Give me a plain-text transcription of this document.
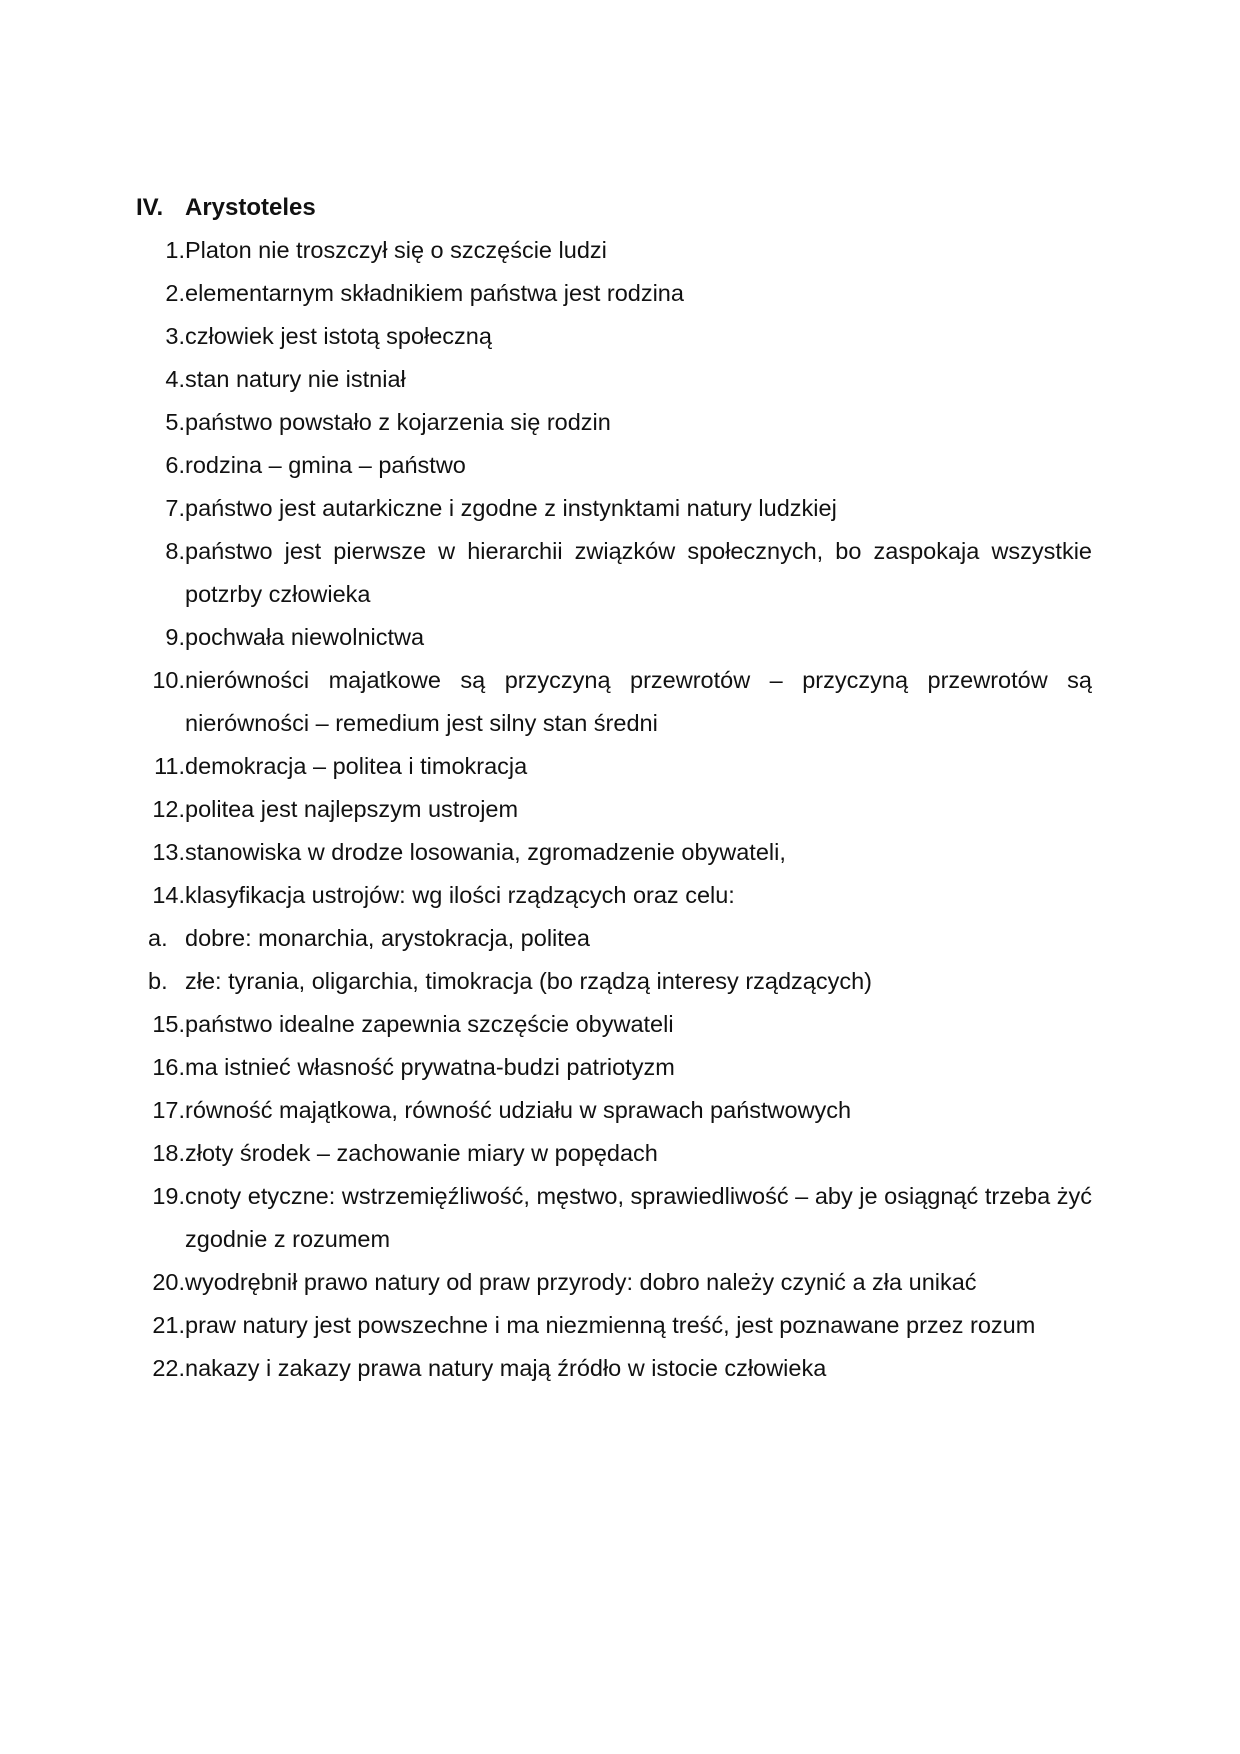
IV. Arystoteles
1. Platon nie troszczył się o szczęście ludzi
2. elementarnym składnikiem państwa jest rodzina
3. człowiek jest istotą społeczną
4. stan natury nie istniał
5. państwo powstało z kojarzenia się rodzin
6. rodzina – gmina – państwo
7. państwo jest autarkiczne i zgodne z instynktami natury ludzkiej
8. państwo jest pierwsze w hierarchii związków społecznych, bo zaspokaja wszystkie potzrby człowieka
9. pochwała niewolnictwa
10. nierówności majatkowe są przyczyną przewrotów – przyczyną przewrotów są nierówności – remedium jest silny stan średni
11. demokracja – politea i timokracja
12. politea jest najlepszym ustrojem
13. stanowiska w drodze losowania, zgromadzenie obywateli,
14. klasyfikacja ustrojów: wg ilości rządzących oraz celu:
a. dobre: monarchia, arystokracja, politea
b. złe: tyrania, oligarchia, timokracja (bo rządzą interesy rządzących)
15. państwo idealne zapewnia szczęście obywateli
16. ma istnieć własność prywatna-budzi patriotyzm
17. równość majątkowa, równość udziału w sprawach państwowych
18. złoty środek – zachowanie miary w popędach
19. cnoty etyczne: wstrzemięźliwość, męstwo, sprawiedliwość – aby je osiągnąć trzeba żyć zgodnie z rozumem
20. wyodrębnił prawo natury od praw przyrody: dobro należy czynić a zła unikać
21. praw natury jest powszechne i ma niezmienną treść, jest poznawane przez rozum
22. nakazy i zakazy prawa natury mają źródło w istocie człowieka
